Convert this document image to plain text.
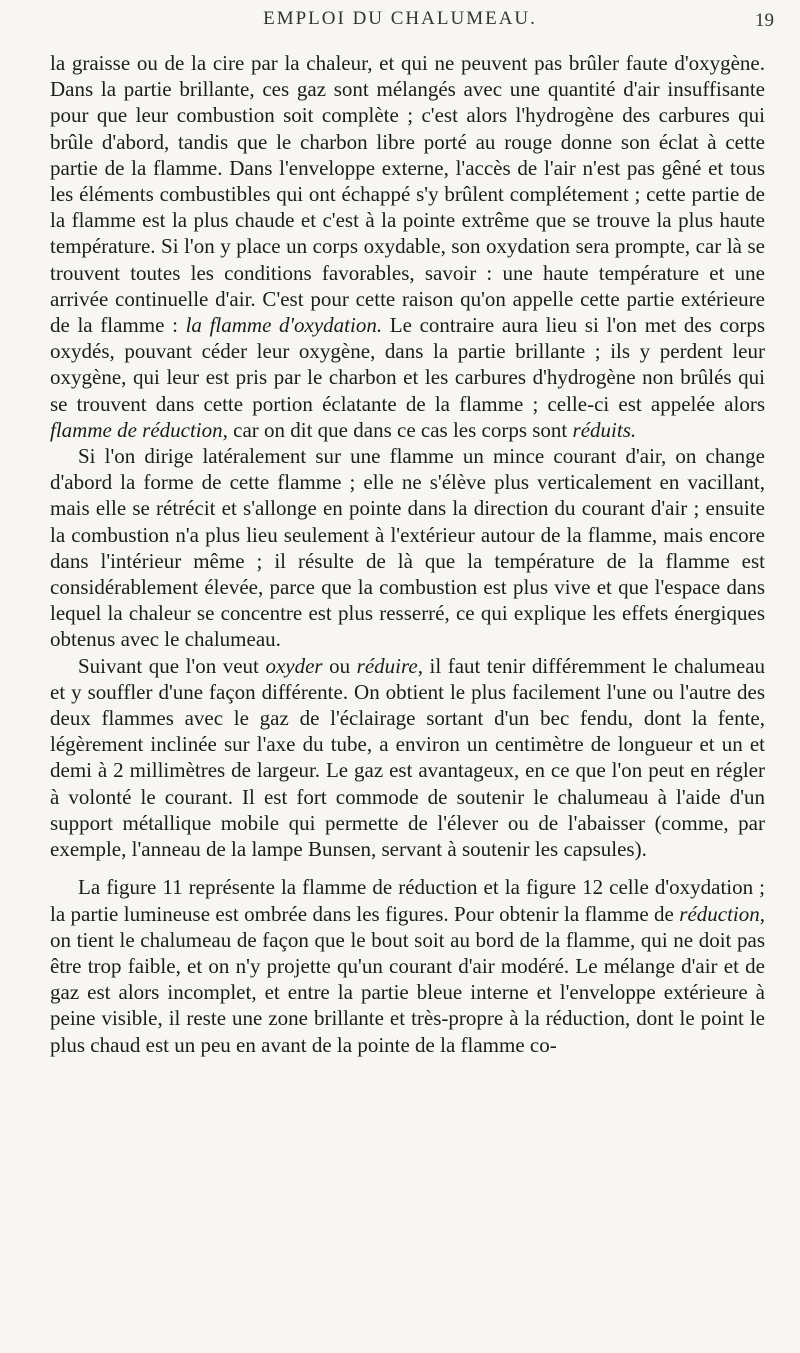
EMPLOI DU CHALUMEAU.	19

la graisse ou de la cire par la chaleur, et qui ne peuvent pas brûler faute d'oxygène. Dans la partie brillante, ces gaz sont mélangés avec une quantité d'air insuffisante pour que leur combustion soit complète ; c'est alors l'hydrogène des carbures qui brûle d'abord, tandis que le charbon libre porté au rouge donne son éclat à cette partie de la flamme. Dans l'enveloppe externe, l'accès de l'air n'est pas gêné et tous les éléments combustibles qui ont échappé s'y brûlent complétement ; cette partie de la flamme est la plus chaude et c'est à la pointe extrême que se trouve la plus haute température. Si l'on y place un corps oxydable, son oxydation sera prompte, car là se trouvent toutes les conditions favorables, savoir : une haute température et une arrivée continuelle d'air. C'est pour cette raison qu'on appelle cette partie extérieure de la flamme : la flamme d'oxydation. Le contraire aura lieu si l'on met des corps oxydés, pouvant céder leur oxygène, dans la partie brillante ; ils y perdent leur oxygène, qui leur est pris par le charbon et les carbures d'hydrogène non brûlés qui se trouvent dans cette portion éclatante de la flamme ; celle-ci est appelée alors flamme de réduction, car on dit que dans ce cas les corps sont réduits.

Si l'on dirige latéralement sur une flamme un mince courant d'air, on change d'abord la forme de cette flamme ; elle ne s'élève plus verticalement en vacillant, mais elle se rétrécit et s'allonge en pointe dans la direction du courant d'air ; ensuite la combustion n'a plus lieu seulement à l'extérieur autour de la flamme, mais encore dans l'intérieur même ; il résulte de là que la température de la flamme est considérablement élevée, parce que la combustion est plus vive et que l'espace dans lequel la chaleur se concentre est plus resserré, ce qui explique les effets énergiques obtenus avec le chalumeau.

Suivant que l'on veut oxyder ou réduire, il faut tenir différemment le chalumeau et y souffler d'une façon différente. On obtient le plus facilement l'une ou l'autre des deux flammes avec le gaz de l'éclairage sortant d'un bec fendu, dont la fente, légèrement inclinée sur l'axe du tube, a environ un centimètre de longueur et un et demi à 2 millimètres de largeur. Le gaz est avantageux, en ce que l'on peut en régler à volonté le courant. Il est fort commode de soutenir le chalumeau à l'aide d'un support métallique mobile qui permette de l'élever ou de l'abaisser (comme, par exemple, l'anneau de la lampe Bunsen, servant à soutenir les capsules).

La figure 11 représente la flamme de réduction et la figure 12 celle d'oxydation ; la partie lumineuse est ombrée dans les figures. Pour obtenir la flamme de réduction, on tient le chalumeau de façon que le bout soit au bord de la flamme, qui ne doit pas être trop faible, et on n'y projette qu'un courant d'air modéré. Le mélange d'air et de gaz est alors incomplet, et entre la partie bleue interne et l'enveloppe extérieure à peine visible, il reste une zone brillante et très-propre à la réduction, dont le point le plus chaud est un peu en avant de la pointe de la flamme co-
